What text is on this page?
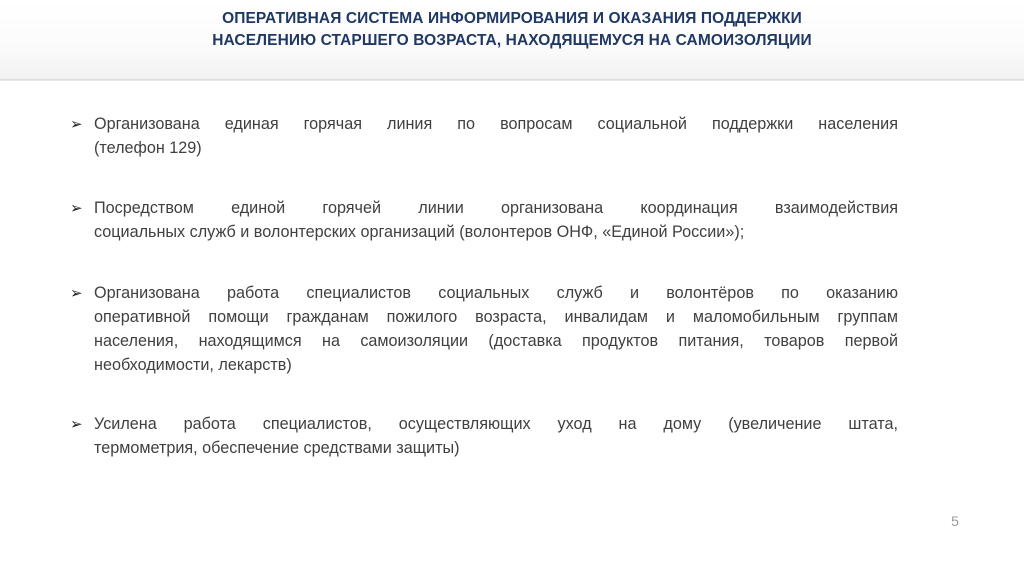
ОПЕРАТИВНАЯ СИСТЕМА ИНФОРМИРОВАНИЯ И ОКАЗАНИЯ ПОДДЕРЖКИ
НАСЕЛЕНИЮ СТАРШЕГО ВОЗРАСТА, НАХОДЯЩЕМУСЯ НА САМОИЗОЛЯЦИИ
➢ Организована единая горячая линия по вопросам социальной поддержки населения
(телефон 129)
➢ Посредством единой горячей линии организована координация взаимодействия
социальных служб и волонтерских организаций (волонтеров ОНФ, «Единой России»);
➢ Организована работа специалистов социальных служб и волонтёров по оказанию
оперативной помощи гражданам пожилого возраста, инвалидам и маломобильным группам
населения, находящимся на самоизоляции (доставка продуктов питания, товаров первой
необходимости, лекарств)
➢ Усилена работа специалистов, осуществляющих уход на дому (увеличение штата,
термометрия, обеспечение средствами защиты)
5
